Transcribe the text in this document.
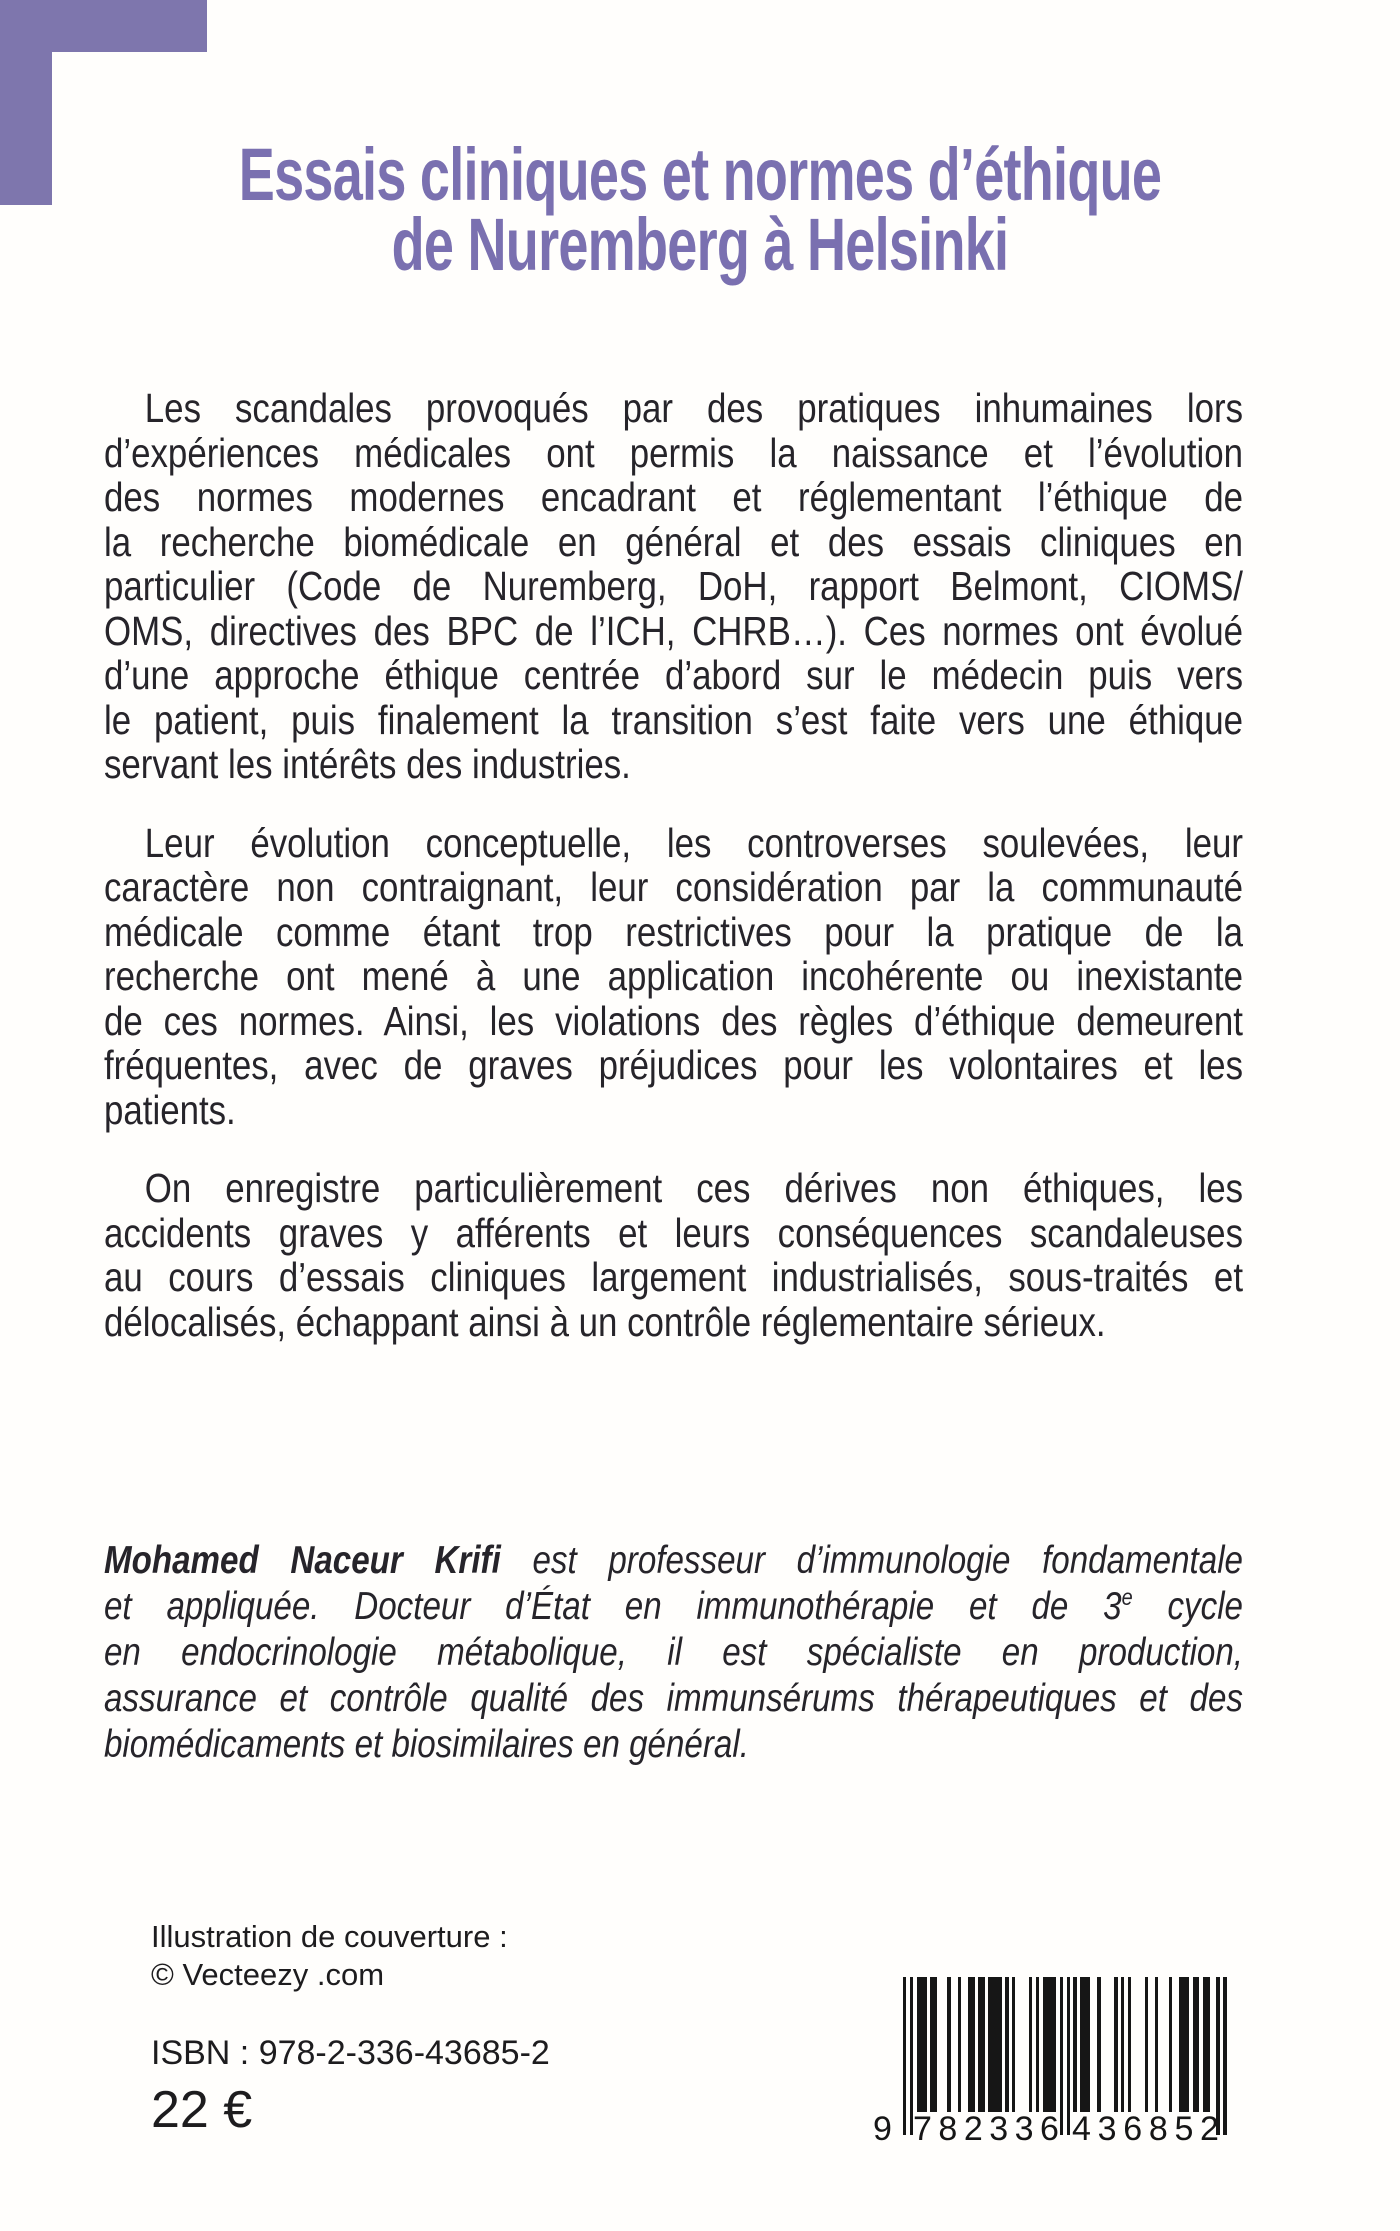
Essais cliniques et normes d’éthique
de Nuremberg à Helsinki

Les scandales provoqués par des pratiques inhumaines lors
d’expériences médicales ont permis la naissance et l’évolution
des normes modernes encadrant et réglementant l’éthique de
la recherche biomédicale en général et des essais cliniques en
particulier (Code de Nuremberg, DoH, rapport Belmont, CIOMS/
OMS, directives des BPC de l’ICH, CHRB…). Ces normes ont évolué
d’une approche éthique centrée d’abord sur le médecin puis vers
le patient, puis finalement la transition s’est faite vers une éthique
servant les intérêts des industries.

Leur évolution conceptuelle, les controverses soulevées, leur
caractère non contraignant, leur considération par la communauté
médicale comme étant trop restrictives pour la pratique de la
recherche ont mené à une application incohérente ou inexistante
de ces normes. Ainsi, les violations des règles d’éthique demeurent
fréquentes, avec de graves préjudices pour les volontaires et les
patients.

On enregistre particulièrement ces dérives non éthiques, les
accidents graves y afférents et leurs conséquences scandaleuses
au cours d’essais cliniques largement industrialisés, sous-traités et
délocalisés, échappant ainsi à un contrôle réglementaire sérieux.

Mohamed Naceur Krifi est professeur d’immunologie fondamentale
et appliquée. Docteur d’État en immunothérapie et de 3e cycle
en endocrinologie métabolique, il est spécialiste en production,
assurance et contrôle qualité des immunsérums thérapeutiques et des
biomédicaments et biosimilaires en général.
Illustration de couverture :
© Vecteezy .com
ISBN : 978-2-336-43685-2
22 €	9 7 8 2 3 3 6 4 3 6 8 5 2
